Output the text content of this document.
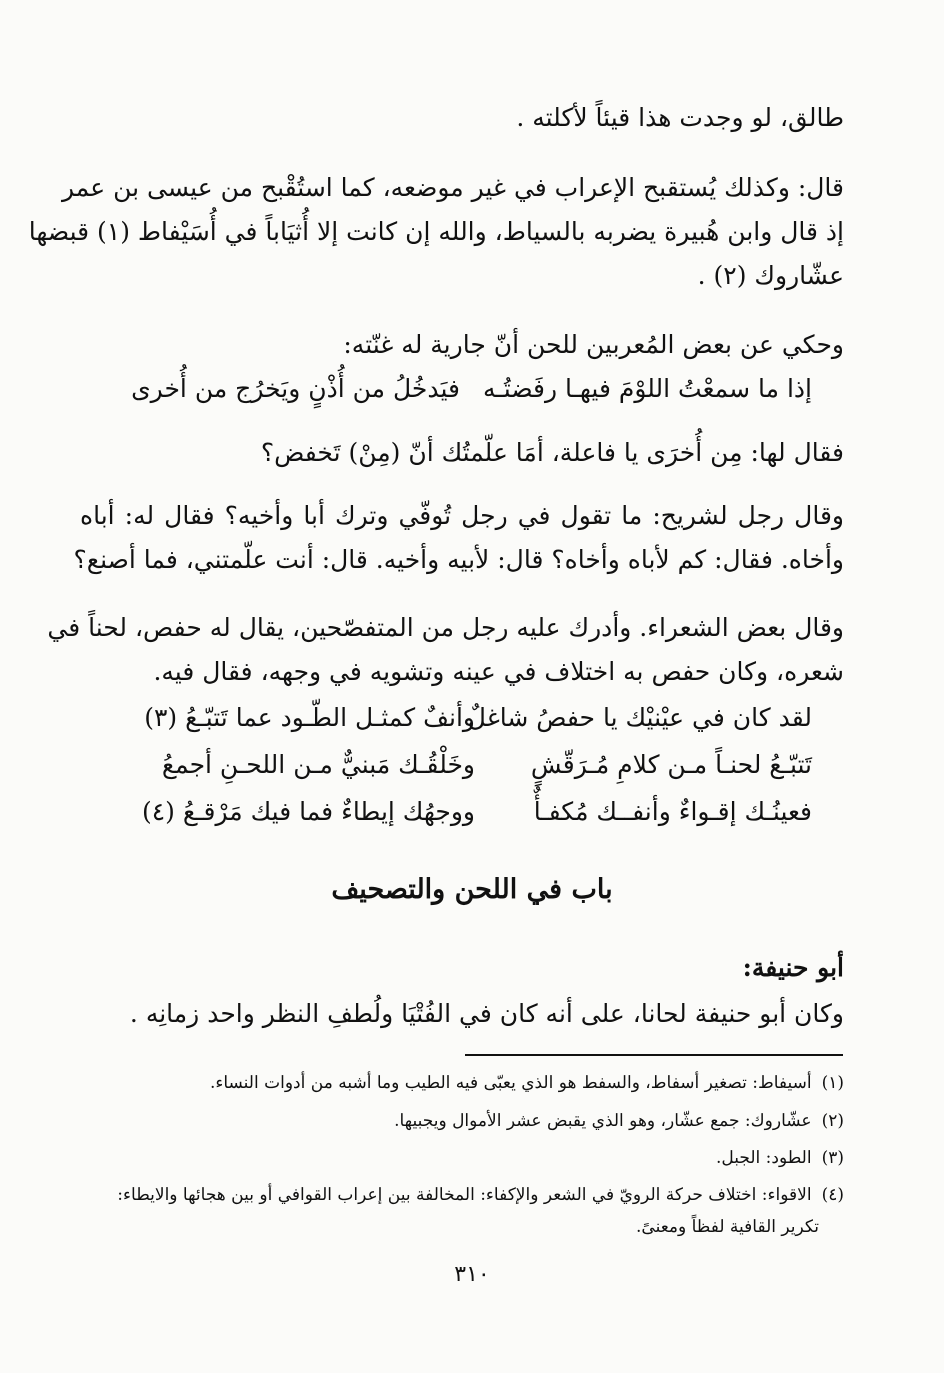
طالق، لو وجدت هذا قيئاً لأكلته .
قال: وكذلك يُستقبح الإعراب في غير موضعه، كما استُقْبح من عيسى بن عمر
إذ قال وابن هُبيرة يضربه بالسياط، والله إن كانت إلا أُثيَاباً في أُسَيْفاط (١) قبضها
عشّاروك (٢) .
وحكي عن بعض المُعربين للحن أنّ جارية له غنّته:
إذا ما سمعْتُ اللوْمَ فيهـا رفَضتُـه
فيَدخُلُ من أُذْنٍ ويَخرُج من أُخرى
فقال لها: مِن أُخرَى يا فاعلة، أمَا علّمتُك أنّ (مِنْ) تَخفض؟
وقال رجل لشريح: ما تقول في رجل تُوفّي وترك أبا وأخيه؟ فقال له: أباه
وأخاه. فقال: كم لأباه وأخاه؟ قال: لأبيه وأخيه. قال: أنت علّمتني، فما أصنع؟
وقال بعض الشعراء. وأدرك عليه رجل من المتفصّحين، يقال له حفص، لحناً في
شعره، وكان حفص به اختلاف في عينه وتشويه في وجهه، فقال فيه.
لقد كان في عيْنيْك يا حفصُ شاغلٌ
وأنفٌ كمثـل الطّـود عما تَتبّـعُ (٣)
تَتبّـعُ لحنـاً مـن كلامِ مُـرَقّشٍ
وخَلْقُـك مَبنيٌّ مـن اللحـنِ أجمعُ
فعينُـك إقـواءٌ وأنفــك مُكفـأٌ
ووجهُك إيطاءٌ فما فيك مَرْقـعُ (٤)
باب في اللحن والتصحيف
أبو حنيفة:
وكان أبو حنيفة لحانا، على أنه كان في الفُتْيَا ولُطفِ النظر واحد زمانِه .
(١)أسيفاط: تصغير أسفاط، والسفط هو الذي يعبّى فيه الطيب وما أشبه من أدوات النساء.
(٢)عشّاروك: جمع عشّار، وهو الذي يقبض عشر الأموال ويجبيها.
(٣)الطود: الجبل.
(٤)الاقواء: اختلاف حركة الرويّ في الشعر والإكفاء: المخالفة بين إعراب القوافي أو بين هجائها والايطاء:
تكرير القافية لفظاً ومعنىً.
٣١٠
